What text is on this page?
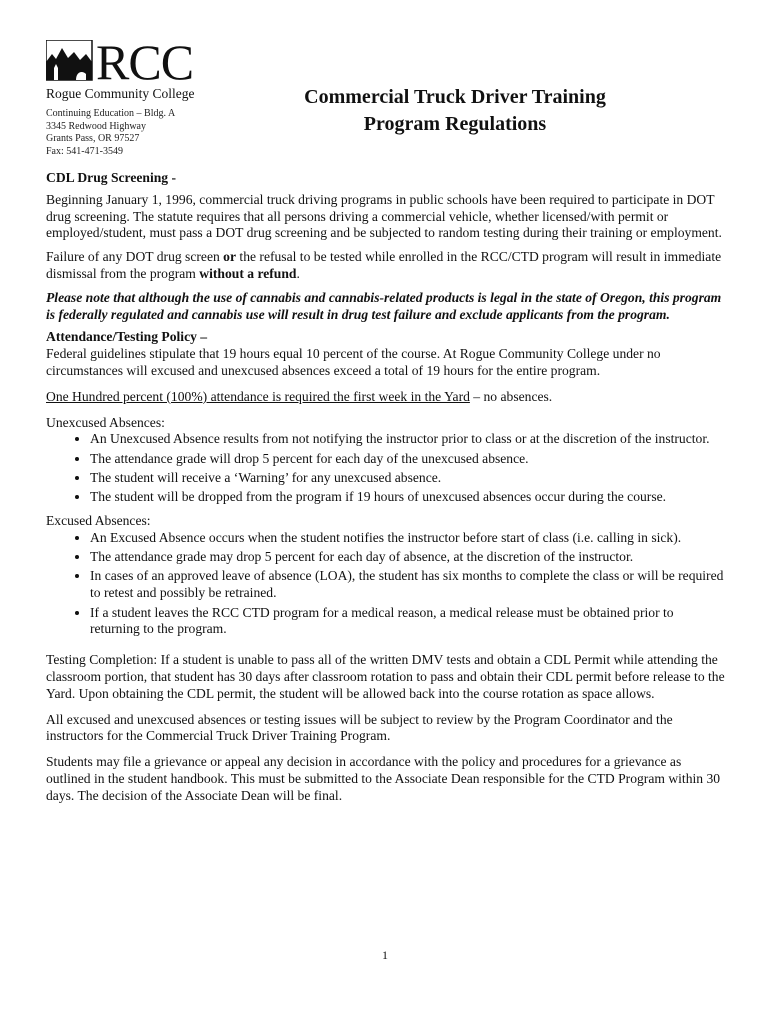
RCC
Rogue Community College
Continuing Education – Bldg. A
3345 Redwood Highway
Grants Pass, OR 97527
Fax: 541-471-3549
Commercial Truck Driver Training
Program Regulations

CDL Drug Screening -

Beginning January 1, 1996, commercial truck driving programs in public schools have been required to participate in DOT drug screening. The statute requires that all persons driving a commercial vehicle, whether licensed/with permit or employed/student, must pass a DOT drug screening and be subjected to random testing during their training or employment.

Failure of any DOT drug screen or the refusal to be tested while enrolled in the RCC/CTD program will result in immediate dismissal from the program without a refund.

Please note that although the use of cannabis and cannabis-related products is legal in the state of Oregon, this program is federally regulated and cannabis use will result in drug test failure and exclude applicants from the program.

Attendance/Testing Policy –

Federal guidelines stipulate that 19 hours equal 10 percent of the course. At Rogue Community College under no circumstances will excused and unexcused absences exceed a total of 19 hours for the entire program.

One Hundred percent (100%) attendance is required the first week in the Yard – no absences.

Unexcused Absences:

• An Unexcused Absence results from not notifying the instructor prior to class or at the discretion of the instructor.
• The attendance grade will drop 5 percent for each day of the unexcused absence.
• The student will receive a ‘Warning’ for any unexcused absence.
• The student will be dropped from the program if 19 hours of unexcused absences occur during the course.

Excused Absences:

• An Excused Absence occurs when the student notifies the instructor before start of class (i.e. calling in sick).
• The attendance grade may drop 5 percent for each day of absence, at the discretion of the instructor.
• In cases of an approved leave of absence (LOA), the student has six months to complete the class or will be required to retest and possibly be retrained.
• If a student leaves the RCC CTD program for a medical reason, a medical release must be obtained prior to returning to the program.

Testing Completion: If a student is unable to pass all of the written DMV tests and obtain a CDL Permit while attending the classroom portion, that student has 30 days after classroom rotation to pass and obtain their CDL permit before release to the Yard. Upon obtaining the CDL permit, the student will be allowed back into the course rotation as space allows.

All excused and unexcused absences or testing issues will be subject to review by the Program Coordinator and the instructors for the Commercial Truck Driver Training Program.

Students may file a grievance or appeal any decision in accordance with the policy and procedures for a grievance as outlined in the student handbook. This must be submitted to the Associate Dean responsible for the CTD Program within 30 days. The decision of the Associate Dean will be final.

1
